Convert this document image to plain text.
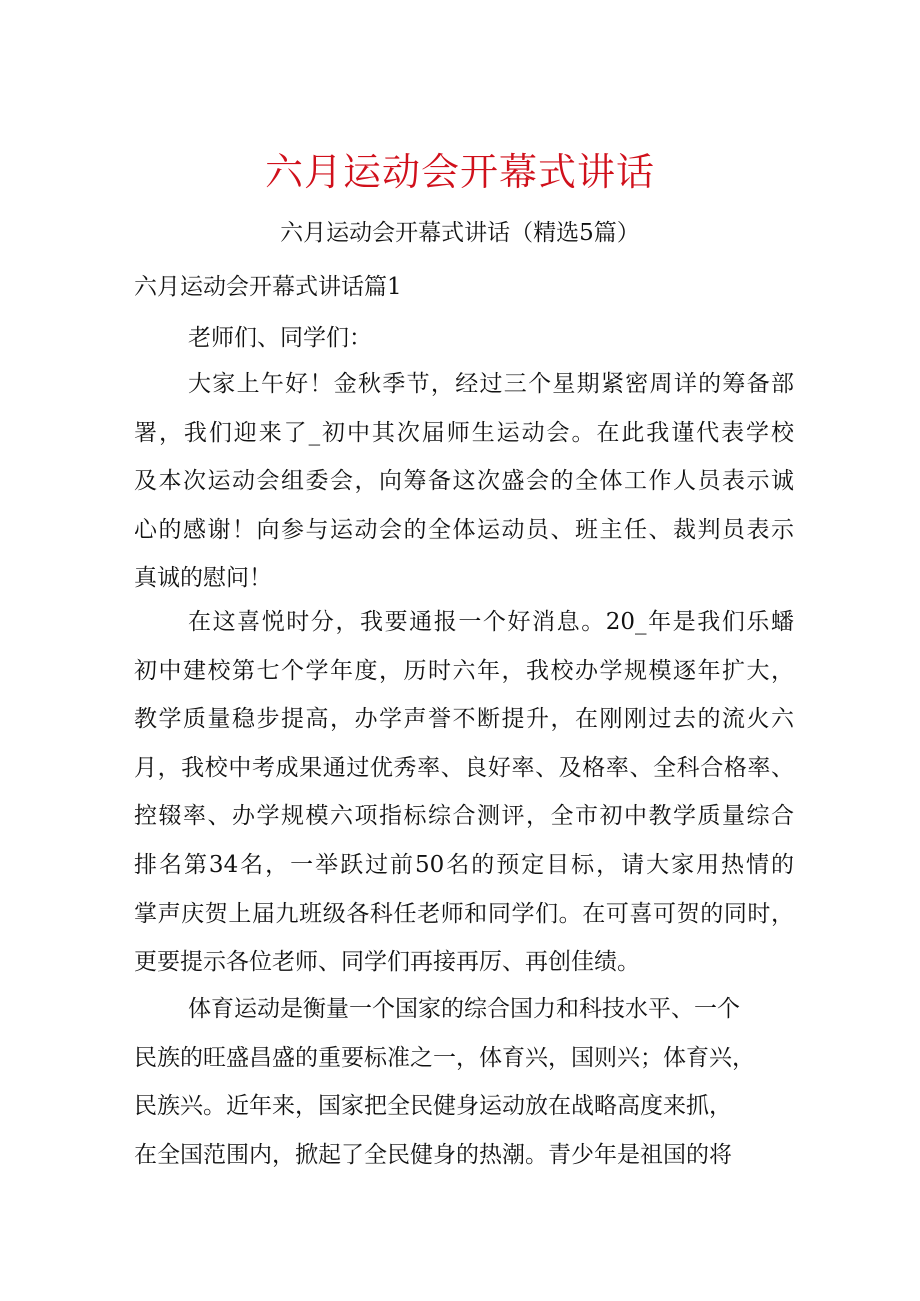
六月运动会开幕式讲话
六月运动会开幕式讲话（精选5篇）
六月运动会开幕式讲话篇1
老师们、同学们：
大家上午好！金秋季节，经过三个星期紧密周详的筹备部
署，我们迎来了_初中其次届师生运动会。在此我谨代表学校
及本次运动会组委会，向筹备这次盛会的全体工作人员表示诚
心的感谢！向参与运动会的全体运动员、班主任、裁判员表示
真诚的慰问！
在这喜悦时分，我要通报一个好消息。20_年是我们乐蟠
初中建校第七个学年度，历时六年，我校办学规模逐年扩大，
教学质量稳步提高，办学声誉不断提升，在刚刚过去的流火六
月，我校中考成果通过优秀率、良好率、及格率、全科合格率、
控辍率、办学规模六项指标综合测评，全市初中教学质量综合
排名第34名，一举跃过前50名的预定目标，请大家用热情的
掌声庆贺上届九班级各科任老师和同学们。在可喜可贺的同时，
更要提示各位老师、同学们再接再厉、再创佳绩。
体育运动是衡量一个国家的综合国力和科技水平、一个
民族的旺盛昌盛的重要标准之一，体育兴，国则兴；体育兴，
民族兴。近年来，国家把全民健身运动放在战略高度来抓，
在全国范围内，掀起了全民健身的热潮。青少年是祖国的将
